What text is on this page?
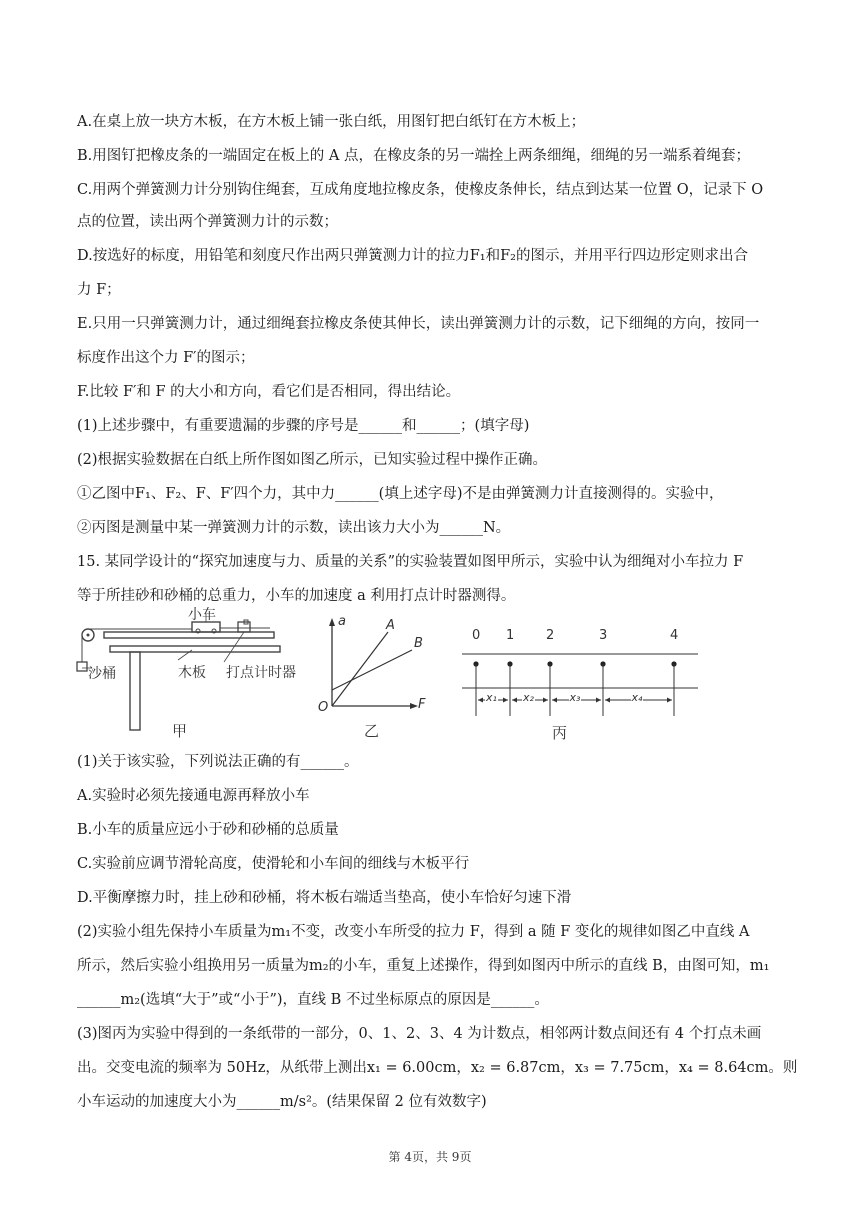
A.在桌上放一块方木板，在方木板上铺一张白纸，用图钉把白纸钉在方木板上；
B.用图钉把橡皮条的一端固定在板上的 A 点，在橡皮条的另一端拴上两条细绳，细绳的另一端系着绳套；
C.用两个弹簧测力计分别钩住绳套，互成角度地拉橡皮条，使橡皮条伸长，结点到达某一位置 O，记录下 O
点的位置，读出两个弹簧测力计的示数；
D.按选好的标度，用铅笔和刻度尺作出两只弹簧测力计的拉力F₁和F₂的图示，并用平行四边形定则求出合
力 F；
E.只用一只弹簧测力计，通过细绳套拉橡皮条使其伸长，读出弹簧测力计的示数，记下细绳的方向，按同一
标度作出这个力 F′的图示；
F.比较 F′和 F 的大小和方向，看它们是否相同，得出结论。
(1)上述步骤中，有重要遗漏的步骤的序号是______和______；(填字母)
(2)根据实验数据在白纸上所作图如图乙所示，已知实验过程中操作正确。
①乙图中F₁、F₂、F、F′四个力，其中力______(填上述字母)不是由弹簧测力计直接测得的。实验中，
②丙图是测量中某一弹簧测力计的示数，读出该力大小为______N。
15. 某同学设计的“探究加速度与力、质量的关系”的实验装置如图甲所示，实验中认为细绳对小车拉力 F
等于所挂砂和砂桶的总重力，小车的加速度 a 利用打点计时器测得。
小车
沙桶	木板 打点计时器
甲
a	A
B
O	F
乙
0 1 2	3	4
x₁ x₂	x₃	x₄
丙
(1)关于该实验，下列说法正确的有______。
A.实验时必须先接通电源再释放小车
B.小车的质量应远小于砂和砂桶的总质量
C.实验前应调节滑轮高度，使滑轮和小车间的细线与木板平行
D.平衡摩擦力时，挂上砂和砂桶，将木板右端适当垫高，使小车恰好匀速下滑
(2)实验小组先保持小车质量为m₁不变，改变小车所受的拉力 F，得到 a 随 F 变化的规律如图乙中直线 A
所示，然后实验小组换用另一质量为m₂的小车，重复上述操作，得到如图丙中所示的直线 B，由图可知，m₁
______m₂(选填“大于”或“小于”)，直线 B 不过坐标原点的原因是______。
(3)图丙为实验中得到的一条纸带的一部分，0、1、2、3、4 为计数点，相邻两计数点间还有 4 个打点未画
出。交变电流的频率为 50Hz，从纸带上测出x₁ = 6.00cm，x₂ = 6.87cm，x₃ = 7.75cm，x₄ = 8.64cm。则
小车运动的加速度大小为______m/s²。(结果保留 2 位有效数字)
第 4页，共 9页
